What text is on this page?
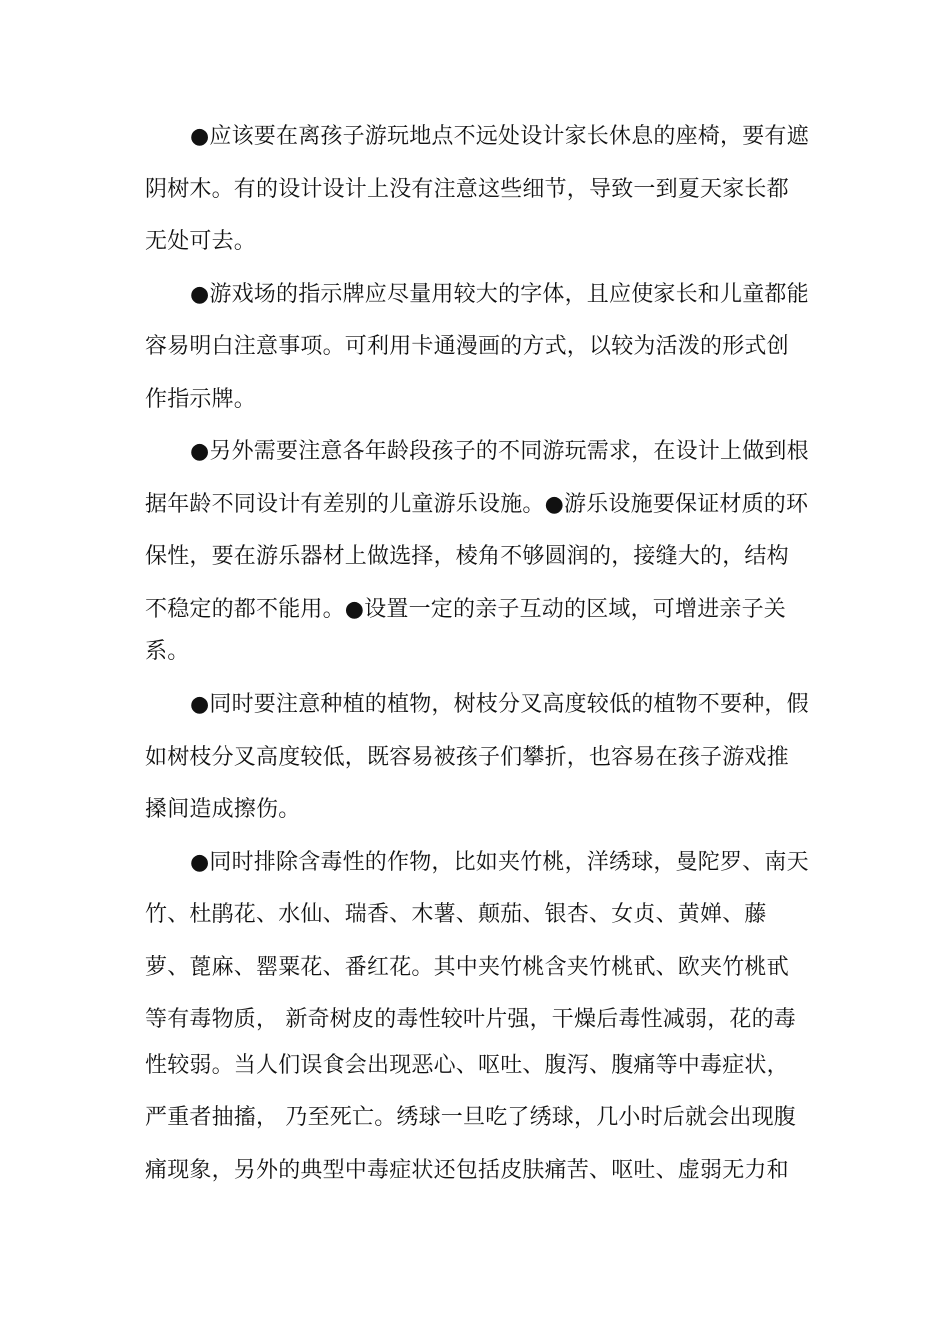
●应该要在离孩子游玩地点不远处设计家长休息的座椅，要有遮
阴树木。有的设计设计上没有注意这些细节，导致一到夏天家长都
无处可去。
●游戏场的指示牌应尽量用较大的字体，且应使家长和儿童都能
容易明白注意事项。可利用卡通漫画的方式，以较为活泼的形式创
作指示牌。
●另外需要注意各年龄段孩子的不同游玩需求，在设计上做到根
据年龄不同设计有差别的儿童游乐设施。●游乐设施要保证材质的环
保性，要在游乐器材上做选择，棱角不够圆润的，接缝大的，结构
不稳定的都不能用。●设置一定的亲子互动的区域，可增进亲子关
系。
●同时要注意种植的植物，树枝分叉高度较低的植物不要种，假
如树枝分叉高度较低，既容易被孩子们攀折，也容易在孩子游戏推
搡间造成擦伤。
●同时排除含毒性的作物，比如夹竹桃，洋绣球，曼陀罗、南天
竹、杜鹃花、水仙、瑞香、木薯、颠茄、银杏、女贞、黄婵、藤
萝、蓖麻、罂粟花、番红花。其中夹竹桃含夹竹桃甙、欧夹竹桃甙
等有毒物质， 新奇树皮的毒性较叶片强，干燥后毒性减弱，花的毒
性较弱。当人们误食会出现恶心、呕吐、腹泻、腹痛等中毒症状，
严重者抽搐， 乃至死亡。绣球一旦吃了绣球，几小时后就会出现腹
痛现象，另外的典型中毒症状还包括皮肤痛苦、呕吐、虚弱无力和
